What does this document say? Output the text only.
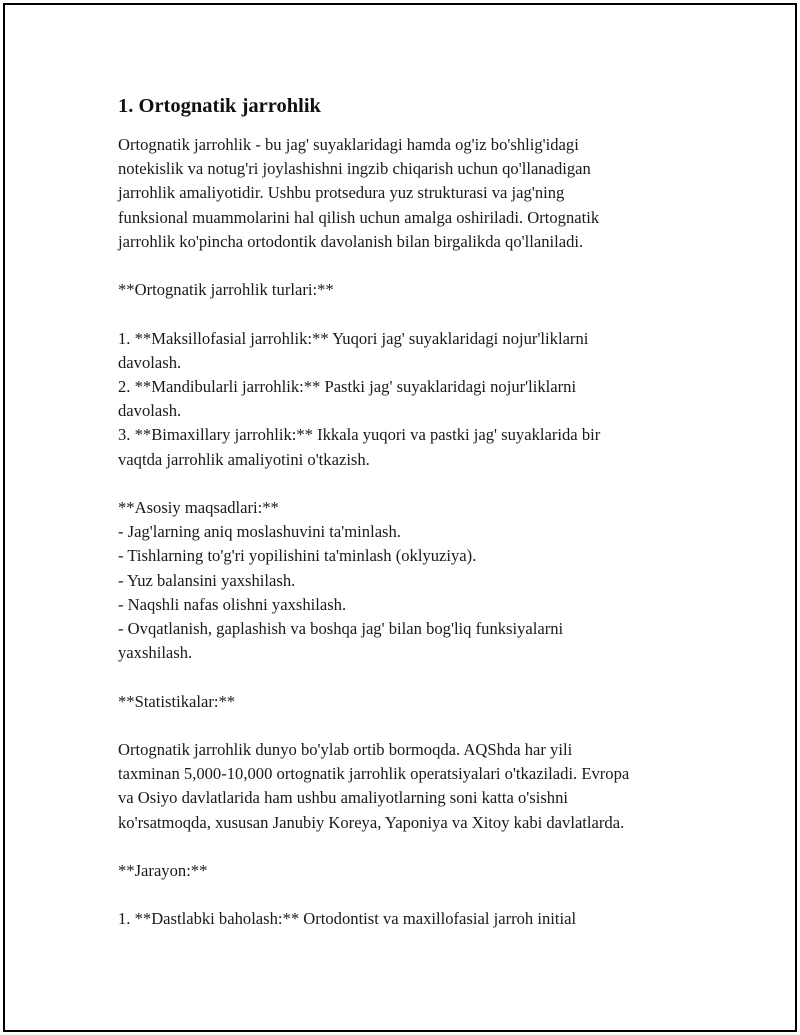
1. Ortognatik jarrohlik

Ortognatik jarrohlik - bu jag' suyaklaridagi hamda og'iz bo'shlig'idagi
notekislik va notug'ri joylashishni ingzib chiqarish uchun qo'llanadigan
jarrohlik amaliyotidir. Ushbu protsedura yuz strukturasi va jag'ning
funksional muammolarini hal qilish uchun amalga oshiriladi. Ortognatik
jarrohlik ko'pincha ortodontik davolanish bilan birgalikda qo'llaniladi.

**Ortognatik jarrohlik turlari:**

1. **Maksillofasial jarrohlik:** Yuqori jag' suyaklaridagi nojur'liklarni
davolash.
2. **Mandibularli jarrohlik:** Pastki jag' suyaklaridagi nojur'liklarni
davolash.
3. **Bimaxillary jarrohlik:** Ikkala yuqori va pastki jag' suyaklarida bir
vaqtda jarrohlik amaliyotini o'tkazish.

**Asosiy maqsadlari:**
- Jag'larning aniq moslashuvini ta'minlash.
- Tishlarning to'g'ri yopilishini ta'minlash (oklyuziya).
- Yuz balansini yaxshilash.
- Naqshli nafas olishni yaxshilash.
- Ovqatlanish, gaplashish va boshqa jag' bilan bog'liq funksiyalarni
yaxshilash.

**Statistikalar:**

Ortognatik jarrohlik dunyo bo'ylab ortib bormoqda. AQShda har yili
taxminan 5,000-10,000 ortognatik jarrohlik operatsiyalari o'tkaziladi. Evropa
va Osiyo davlatlarida ham ushbu amaliyotlarning soni katta o'sishni
ko'rsatmoqda, xususan Janubiy Koreya, Yaponiya va Xitoy kabi davlatlarda.

**Jarayon:**

1. **Dastlabki baholash:** Ortodontist va maxillofasial jarroh initial
